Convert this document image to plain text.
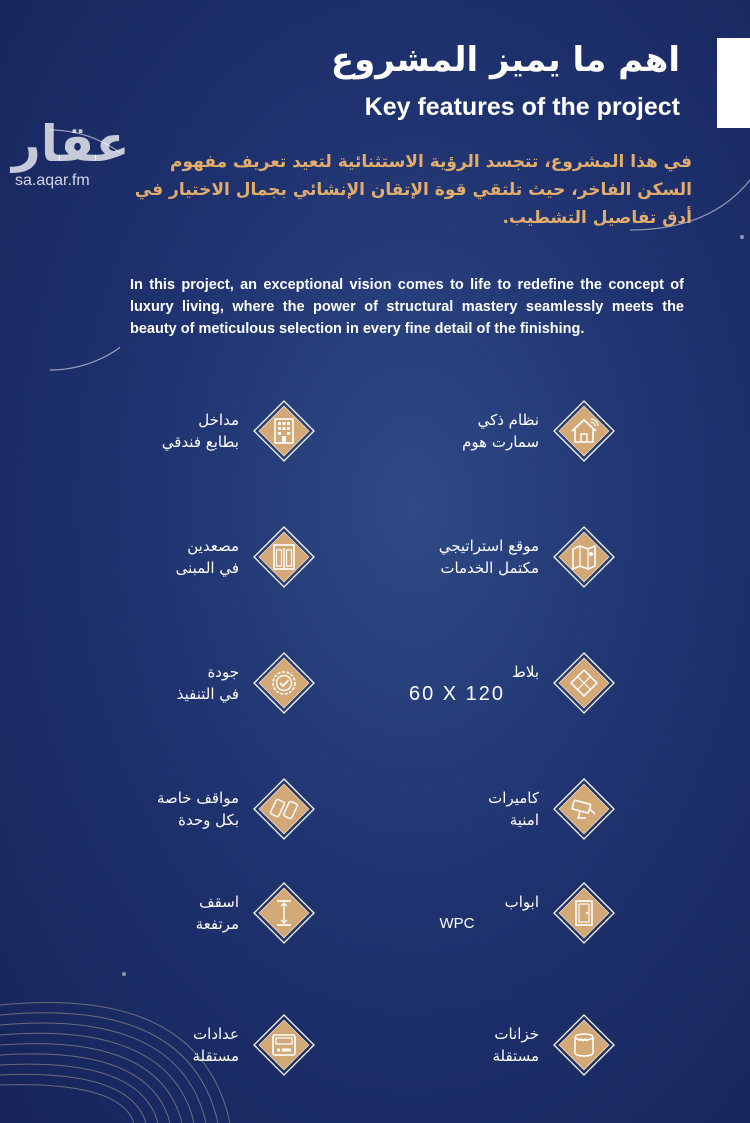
اهم ما يميز المشروع
Key features of the project
عقار
sa.aqar.fm
في هذا المشروع، تتجسد الرؤية الاستثنائية لتعيد تعريف مفهوم السكن الفاخر، حيث تلتقي قوة الإتقان الإنشائي بجمال الاختيار في أدق تفاصيل التشطيب.
In this project, an exceptional vision comes to life to redefine the concept of luxury living, where the power of structural mastery seamlessly meets the beauty of meticulous selection in every fine detail of the finishing.
مداخل
بطابع فندقي
نظام ذكي
سمارت هوم
مصعدين
في المبنى
موقع استراتيجي
مكتمل الخدمات
جودة
في التنفيذ
بلاط
60 X 120
مواقف خاصة
بكل وحدة
كاميرات
امنية
اسقف
مرتفعة
ابواب
WPC
عدادات
مستقلة
خزانات
مستقلة
